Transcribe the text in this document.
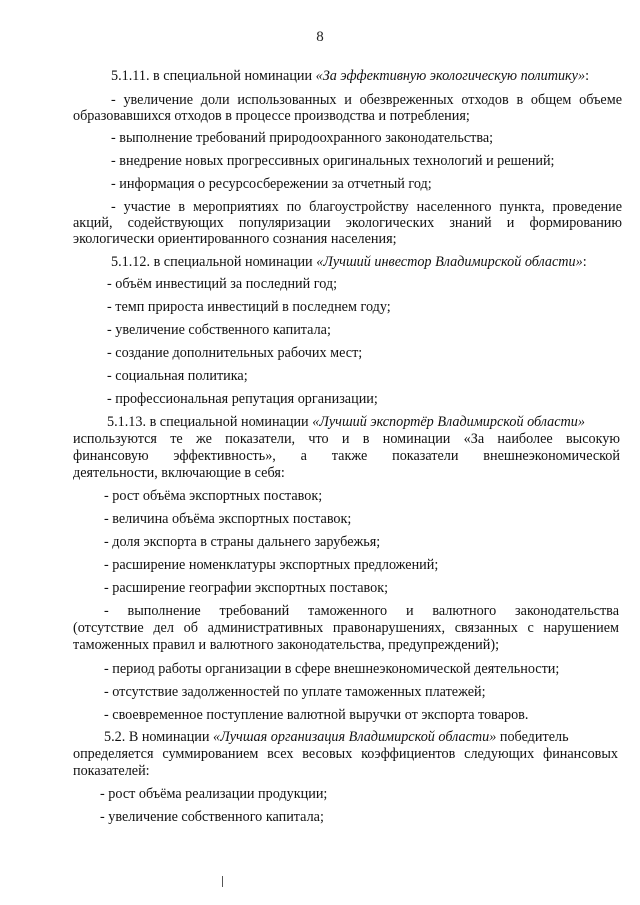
8
5.1.11. в специальной номинации «За эффективную экологическую политику»:
- увеличение доли использованных и обезвреженных отходов в общем объеме
образовавшихся отходов в процессе производства и потребления;
- выполнение требований природоохранного законодательства;
- внедрение новых прогрессивных оригинальных технологий и решений;
- информация о ресурсосбережении за отчетный год;
- участие в мероприятиях по благоустройству населенного пункта, проведение
акций, содействующих популяризации экологических знаний и формированию
экологически ориентированного сознания населения;
5.1.12. в специальной номинации «Лучший инвестор Владимирской области»:
- объём инвестиций за последний год;
- темп прироста инвестиций в последнем году;
- увеличение собственного капитала;
- создание дополнительных рабочих мест;
- социальная политика;
- профессиональная репутация организации;
5.1.13. в специальной номинации «Лучший экспортёр Владимирской области»
используются те же показатели, что и в номинации «За наиболее высокую
финансовую эффективность», а также показатели внешнеэкономической
деятельности, включающие в себя:
- рост объёма экспортных поставок;
- величина объёма экспортных поставок;
- доля экспорта в страны дальнего зарубежья;
- расширение номенклатуры экспортных предложений;
- расширение географии экспортных поставок;
- выполнение требований таможенного и валютного законодательства
(отсутствие дел об административных правонарушениях, связанных с нарушением
таможенных правил и валютного законодательства, предупреждений);
- период работы организации в сфере внешнеэкономической деятельности;
- отсутствие задолженностей по уплате таможенных платежей;
- своевременное поступление валютной выручки от экспорта товаров.
5.2. В номинации «Лучшая организация Владимирской области» победитель
определяется суммированием всех весовых коэффициентов следующих финансовых
показателей:
- рост объёма реализации продукции;
- увеличение собственного капитала;
